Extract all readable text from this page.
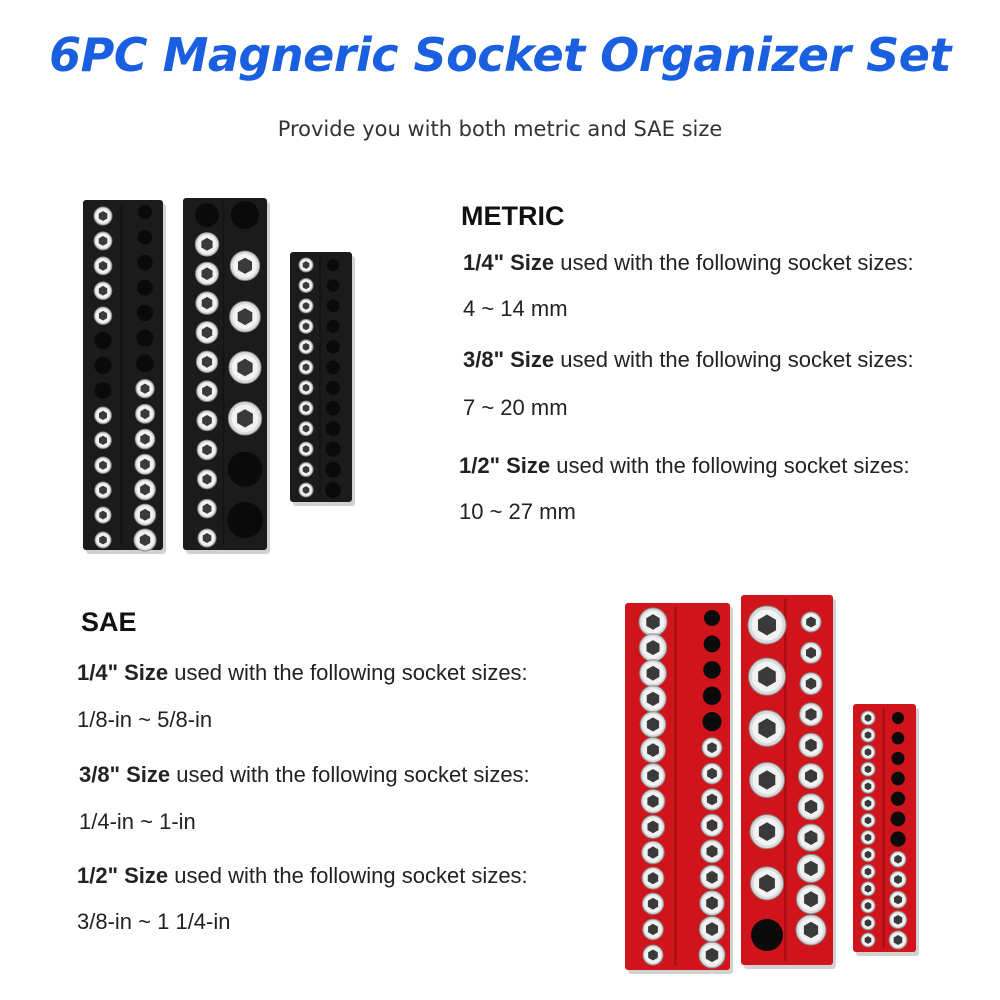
6PC Magneric Socket Organizer Set
Provide you with both metric and SAE size
METRIC
1/4" Size used with the following socket sizes:
4 ~ 14 mm
3/8" Size used with the following socket sizes:
7 ~ 20 mm
1/2" Size used with the following socket sizes:
10 ~ 27 mm
SAE
1/4" Size used with the following socket sizes:
1/8-in ~ 5/8-in
3/8" Size used with the following socket sizes:
1/4-in ~ 1-in
1/2" Size used with the following socket sizes:
3/8-in ~ 1 1/4-in
